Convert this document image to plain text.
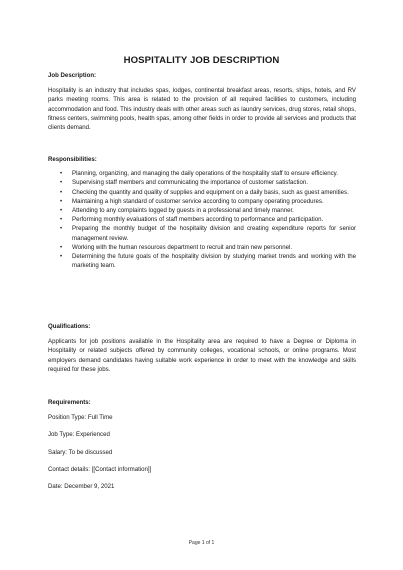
HOSPITALITY JOB DESCRIPTION
Job Description:
Hospitality is an industry that includes spas, lodges, continental breakfast areas, resorts, ships, hotels, and RV parks meeting rooms. This area is related to the provision of all required facilities to customers, including accommodation and food. This industry deals with other areas such as laundry services, drug stores, retail shops, fitness centers, swimming pools, health spas, among other fields in order to provide all services and products that clients demand.
Responsibilities:
• Planning, organizing, and managing the daily operations of the hospitality staff to ensure efficiency.
• Supervising staff members and communicating the importance of customer satisfaction.
• Checking the quantity and quality of supplies and equipment on a daily basis, such as guest amenities.
• Maintaining a high standard of customer service according to company operating procedures.
• Attending to any complaints logged by guests in a professional and timely manner.
• Performing monthly evaluations of staff members according to performance and participation.
• Preparing the monthly budget of the hospitality division and creating expenditure reports for senior management review.
• Working with the human resources department to recruit and train new personnel.
• Determining the future goals of the hospitality division by studying market trends and working with the marketing team.
Qualifications:
Applicants for job positions available in the Hospitality area are required to have a Degree or Diploma in Hospitality or related subjects offered by community colleges, vocational schools, or online programs. Most employers demand candidates having suitable work experience in order to meet with the knowledge and skills required for these jobs.
Requirements:
Position Type: Full Time
Job Type: Experienced
Salary: To be discussed
Contact details: [[Contact information]]
Date: December 9, 2021
Page 1 of 1
